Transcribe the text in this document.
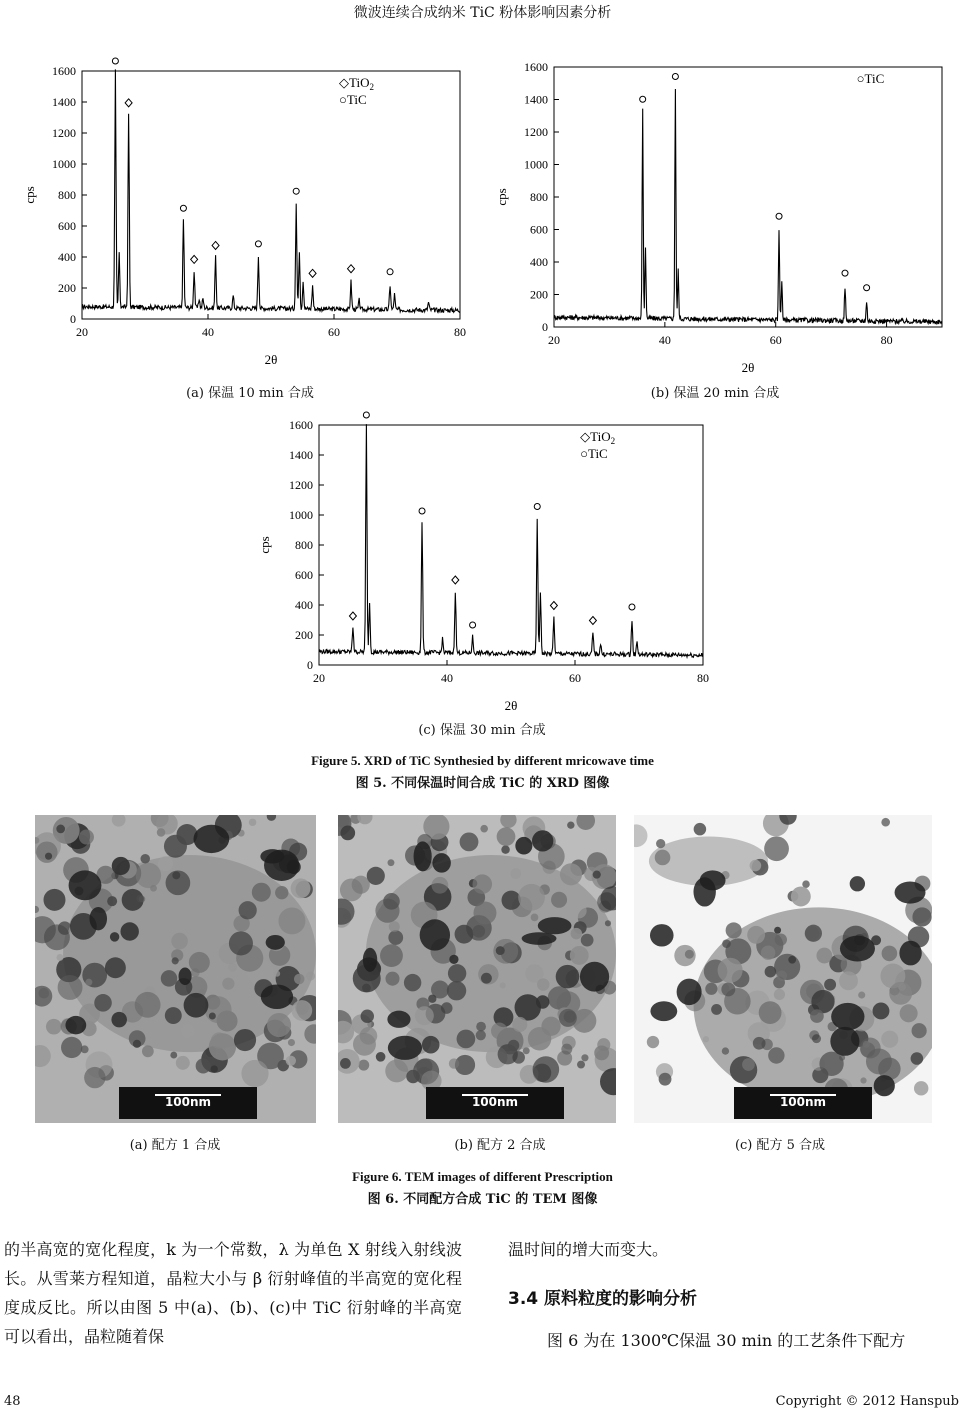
微波连续合成纳米 TiC 粉体影响因素分析
0
200
400
600
800
1000
1200
1400
1600
20	40	60	80
2θ
cps
◇TiO$_2$
○TiC
(a) 保温 10 min 合成
0
200
400
600
800
1000
1200
1400
1600
20	40	60	80
2θ
cps
○TiC
(b) 保温 20 min 合成
0
200
400
600
800
1000
1200
1400
1600
20	40	60	80
2θ
cps
◇TiO$_2$
○TiC
(c) 保温 30 min 合成
Figure 5. XRD of TiC Synthesied by different mricowave time
图 5. 不同保温时间合成 TiC 的 XRD 图像
100nm	100nm	100nm
(a) 配方 1 合成	(b) 配方 2 合成	(c) 配方 5 合成
Figure 6. TEM images of different Prescription
图 6. 不同配方合成 TiC 的 TEM 图像
的半高宽的宽化程度，k 为一个常数，λ 为单色 X 射线入射线波长。从雪莱方程知道，晶粒大小与 β 衍射峰值的半高宽的宽化程度成反比。所以由图 5 中(a)、(b)、(c)中 TiC 衍射峰的半高宽可以看出，晶粒随着保
温时间的增大而变大。
3.4 原料粒度的影响分析
图 6 为在 1300℃保温 30 min 的工艺条件下配方
48	Copyright © 2012 Hanspub
